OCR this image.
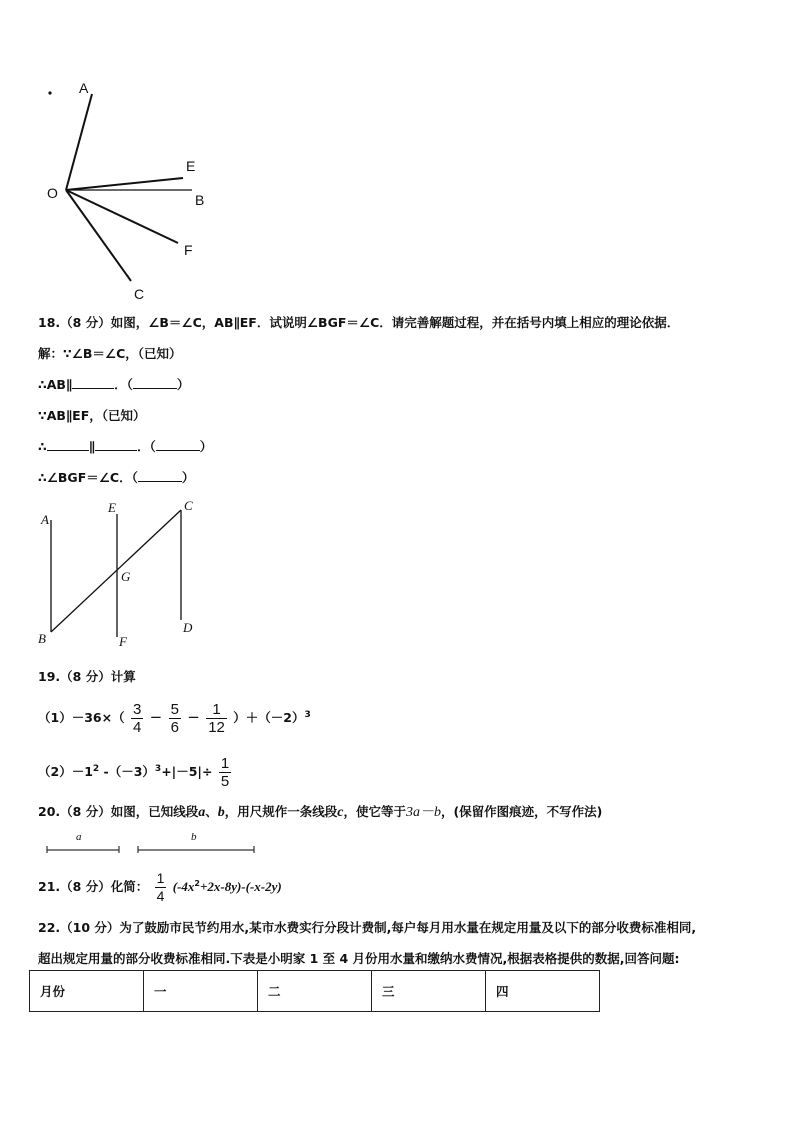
A
E
O	B
F
C
18.（8 分）如图，∠B＝∠C，AB∥EF．试说明∠BGF＝∠C．请完善解题过程，并在括号内填上相应的理论依据．
解：∵∠B＝∠C，（已知）
∴AB∥	．（	）
∵AB∥EF，（已知）
∴	∥	．（	）
∴∠BGF＝∠C．（	）
A
E	C
G
B	F
D
19.（8 分）计算
$(1)-36\times( \frac{3}{4} - \frac{5}{6} - \frac{1}{12} )+(-2)^3$
$(2)-1^2$ $-(-3)^3+|-5|\div \frac{1}{5}$
20.（8 分）如图，已知线段a、b，用尺规作一条线段c，使它等于3a－b，(保留作图痕迹，不写作法)
a	b
21.（8 分）化简： $\frac{1}{4} (-4x^2+2x-8y)-(-x-2y)$
22.（10 分）为了鼓励市民节约用水,某市水费实行分段计费制,每户每月用水量在规定用量及以下的部分收费标准相同,
超出规定用量的部分收费标准相同.下表是小明家 1 至 4 月份用水量和缴纳水费情况,根据表格提供的数据,回答问题:
月份	一	二	三	四
